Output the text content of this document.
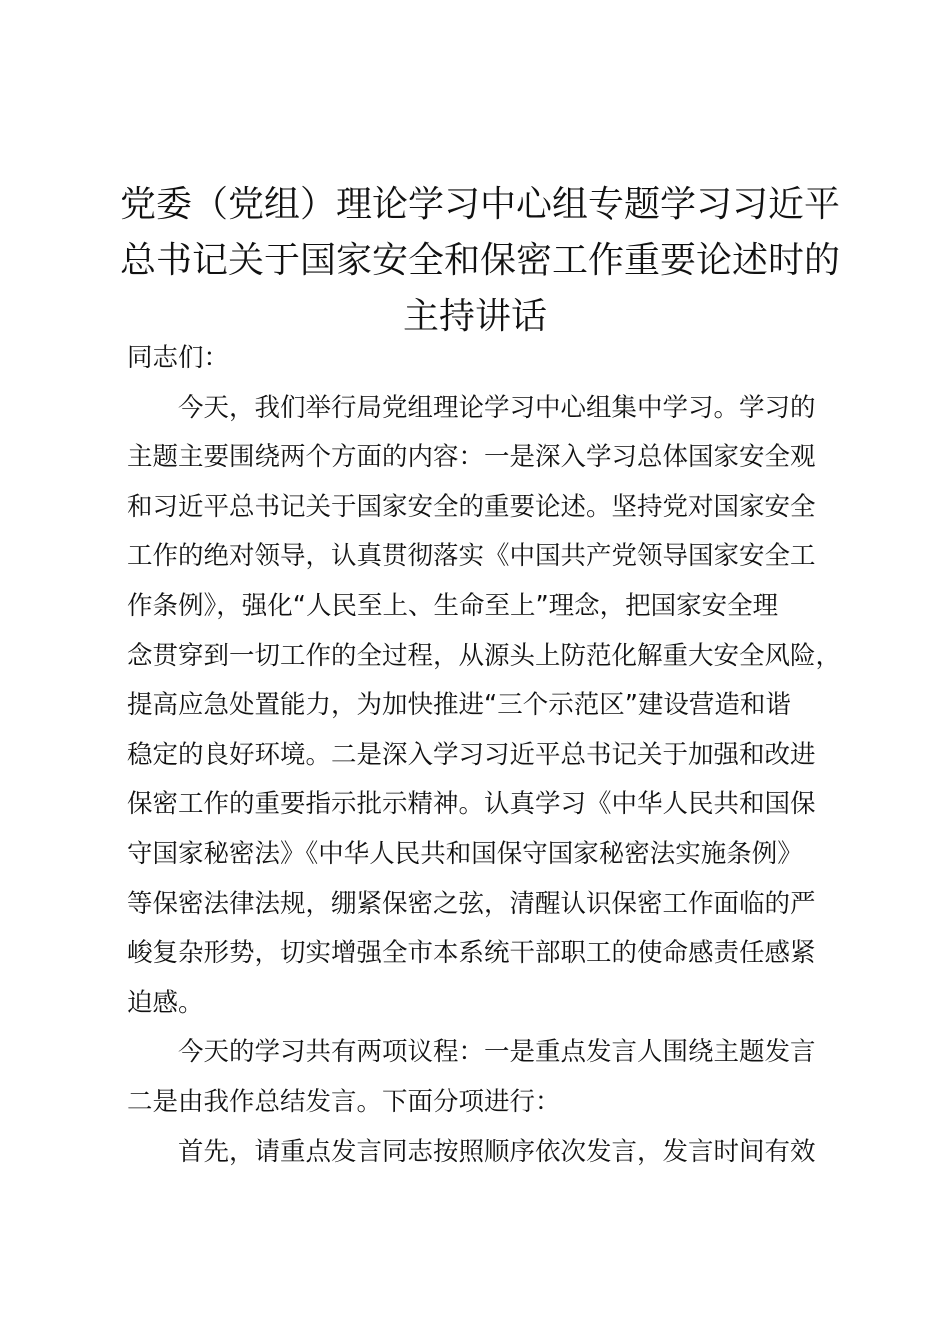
党委（党组）理论学习中心组专题学习习近平
总书记关于国家安全和保密工作重要论述时的
主持讲话
同志们：
今天，我们举行局党组理论学习中心组集中学习。学习的
主题主要围绕两个方面的内容：一是深入学习总体国家安全观
和习近平总书记关于国家安全的重要论述。坚持党对国家安全
工作的绝对领导，认真贯彻落实《中国共产党领导国家安全工
作条例》，强化“人民至上、生命至上”理念，把国家安全理
念贯穿到一切工作的全过程，从源头上防范化解重大安全风险，
提高应急处置能力，为加快推进“三个示范区”建设营造和谐
稳定的良好环境。二是深入学习习近平总书记关于加强和改进
保密工作的重要指示批示精神。认真学习《中华人民共和国保
守国家秘密法》《中华人民共和国保守国家秘密法实施条例》
等保密法律法规，绷紧保密之弦，清醒认识保密工作面临的严
峻复杂形势，切实增强全市本系统干部职工的使命感责任感紧
迫感。
今天的学习共有两项议程：一是重点发言人围绕主题发言
二是由我作总结发言。下面分项进行：
首先，请重点发言同志按照顺序依次发言，发言时间有效
